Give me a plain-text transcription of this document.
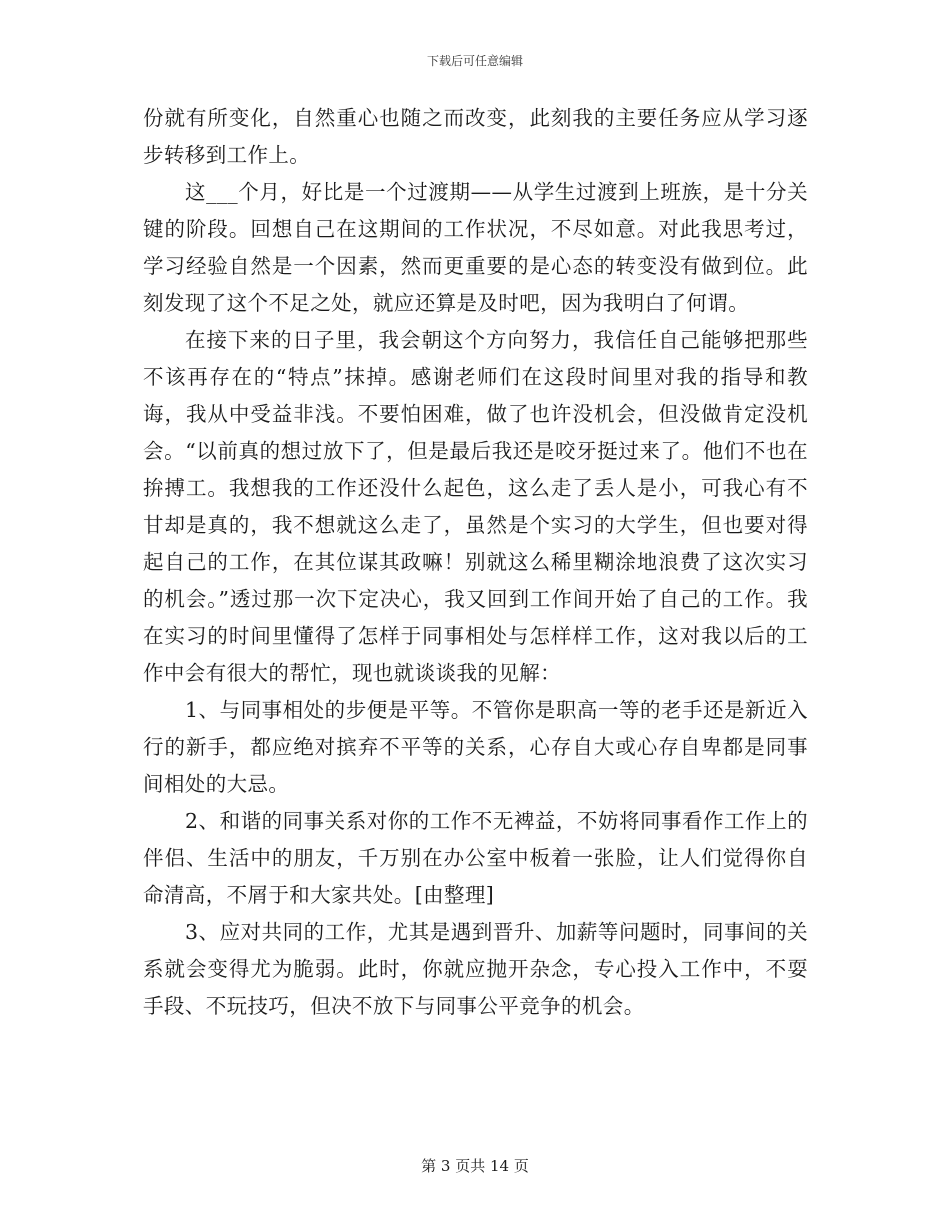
下载后可任意编辑

份就有所变化，自然重心也随之而改变，此刻我的主要任务应从学习逐步转移到工作上。

这___个月，好比是一个过渡期——从学生过渡到上班族，是十分关键的阶段。回想自己在这期间的工作状况，不尽如意。对此我思考过，学习经验自然是一个因素，然而更重要的是心态的转变没有做到位。此刻发现了这个不足之处，就应还算是及时吧，因为我明白了何谓。

在接下来的日子里，我会朝这个方向努力，我信任自己能够把那些不该再存在的“特点”抹掉。感谢老师们在这段时间里对我的指导和教诲，我从中受益非浅。不要怕困难，做了也许没机会，但没做肯定没机会。“以前真的想过放下了，但是最后我还是咬牙挺过来了。他们不也在拚搏工。我想我的工作还没什么起色，这么走了丢人是小，可我心有不甘却是真的，我不想就这么走了，虽然是个实习的大学生，但也要对得起自己的工作，在其位谋其政嘛！别就这么稀里糊涂地浪费了这次实习的机会。”透过那一次下定决心，我又回到工作间开始了自己的工作。我在实习的时间里懂得了怎样于同事相处与怎样样工作，这对我以后的工作中会有很大的帮忙，现也就谈谈我的见解：

1、与同事相处的步便是平等。不管你是职高一等的老手还是新近入行的新手，都应绝对摈弃不平等的关系，心存自大或心存自卑都是同事间相处的大忌。

2、和谐的同事关系对你的工作不无裨益，不妨将同事看作工作上的伴侣、生活中的朋友，千万别在办公室中板着一张脸，让人们觉得你自命清高，不屑于和大家共处。[由整理]

3、应对共同的工作，尤其是遇到晋升、加薪等问题时，同事间的关系就会变得尤为脆弱。此时，你就应抛开杂念，专心投入工作中，不耍手段、不玩技巧，但决不放下与同事公平竞争的机会。

第 3 页共 14 页
